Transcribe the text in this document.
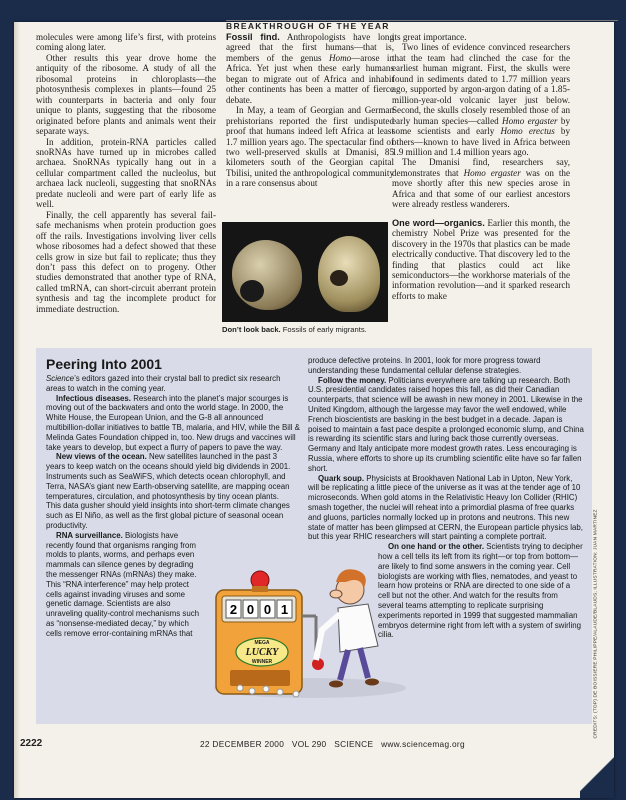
BREAKTHROUGH OF THE YEAR

molecules were among life’s first, with proteins coming along later.

Other results this year drove home the antiquity of the ribosome. A study of all the ribosomal proteins in chloroplasts—the photosynthesis complexes in plants—found 25 with counterparts in bacteria and only four unique to plants, suggesting that the ribosome originated before plants and animals went their separate ways.

In addition, protein-RNA particles called snoRNAs have turned up in microbes called archaea. SnoRNAs typically hang out in a cellular compartment called the nucleolus, but archaea lack nucleoli, suggesting that snoRNAs predate nucleoli and were part of early life as well.

Finally, the cell apparently has several fail-safe mechanisms when protein production goes off the rails. Investigations involving liver cells whose ribosomes had a defect showed that these cells grow in size but fail to replicate; thus they don’t pass this defect on to progeny. Other studies demonstrated that another type of RNA, called tmRNA, can short-circuit aberrant protein synthesis and tag the incomplete product for immediate destruction.

Fossil find. Anthropologists have long agreed that the first humans—that is, members of the genus Homo—arose in Africa. Yet just when these early humans began to migrate out of Africa and inhabit other continents has been a matter of fierce debate.

In May, a team of Georgian and German prehistorians reported the first undisputed proof that humans indeed left Africa at least 1.7 million years ago. The spectacular find of two well-preserved skulls at Dmanisi, 85 kilometers south of the Georgian capital Tbilisi, united the anthropological community in a rare consensus about

Don’t look back. Fossils of early migrants.

its great importance.

Two lines of evidence convinced researchers that the team had clinched the case for the earliest human migrant. First, the skulls were found in sediments dated to 1.77 million years ago, supported by argon-argon dating of a 1.85-million-year-old volcanic layer just below. Second, the skulls closely resembled those of an early human species—called Homo ergaster by some scientists and early Homo erectus by others—known to have lived in Africa between 1.9 million and 1.4 million years ago.

The Dmanisi find, researchers say, demonstrates that Homo ergaster was on the move shortly after this new species arose in Africa and that some of our earliest ancestors were already restless wanderers.

One word—organics. Earlier this month, the chemistry Nobel Prize was presented for the discovery in the 1970s that plastics can be made electrically conductive. That discovery led to the finding that plastics could act like semiconductors—the workhorse materials of the information revolution—and it sparked research efforts to make

Peering Into 2001

Science’s editors gazed into their crystal ball to predict six research areas to watch in the coming year.

Infectious diseases. Research into the planet’s major scourges is moving out of the backwaters and onto the world stage. In 2000, the White House, the European Union, and the G-8 all announced multibillion-dollar initiatives to battle TB, malaria, and HIV, while the Bill & Melinda Gates Foundation chipped in, too. New drugs and vaccines will take years to develop, but expect a flurry of papers to pave the way.

New views of the ocean. New satellites launched in the past 3 years to keep watch on the oceans should yield big dividends in 2001. Instruments such as SeaWiFS, which detects ocean chlorophyll, and Terra, NASA’s giant new Earth-observing satellite, are mapping ocean temperatures, circulation, and photosynthesis by tiny ocean plants. This data gusher should yield insights into short-term climate changes such as El Niño, as well as the first global picture of seasonal ocean productivity.

RNA surveillance. Biologists have recently found that organisms ranging from molds to plants, worms, and perhaps even mammals can silence genes by degrading the messenger RNAs (mRNAs) they make. This “RNA interference” may help protect cells against invading viruses and some genetic damage. Scientists are also unraveling quality-control mechanisms such as “nonsense-mediated decay,” by which cells remove error-containing mRNAs that

produce defective proteins. In 2001, look for more progress toward understanding these fundamental cellular defense strategies.

Follow the money. Politicians everywhere are talking up research. Both U.S. presidential candidates raised hopes this fall, as did their Canadian counterparts, that science will be awash in new money in 2001. Likewise in the United Kingdom, although the largesse may favor the well endowed, while French bioscientists are basking in the best budget in a decade. Japan is poised to maintain a fast pace despite a prolonged economic slump, and China is rewarding its scientific stars and luring back those currently overseas. Germany and Italy anticipate more modest growth rates. Less encouraging is Russia, where efforts to shore up its crumbling scientific elite have so far fallen short.

Quark soup. Physicists at Brookhaven National Lab in Upton, New York, will be replicating a little piece of the universe as it was at the tender age of 10 microseconds. When gold atoms in the Relativistic Heavy Ion Collider (RHIC) smash together, the nuclei will reheat into a primordial plasma of free quarks and gluons, particles normally locked up in protons and neutrons. This new state of matter has been glimpsed at CERN, the European particle physics lab, but this year RHIC researchers will start painting a complete portrait.

On one hand or the other. Scientists trying to decipher how a cell tells its left from its right—or top from bottom—are likely to find some answers in the coming year. Cell biologists are working with flies, nematodes, and yeast to learn how proteins or RNA are directed to one side of a cell but not the other. And watch for the results from several teams attempting to replicate surprising experiments reported in 1999 that suggested mammalian embryos determine right from left with a system of swirling cilia.

2 0 0 1
MEGA
LUCKY
WINNER	CREDITS: (TOP) DE BOISSIERE PHILIPPE/ALAUDE/BLAUDS; ILLUSTRATION: JUAN MARTINEZ
2222	22 DECEMBER 2000   VOL 290   SCIENCE   www.sciencemag.org
